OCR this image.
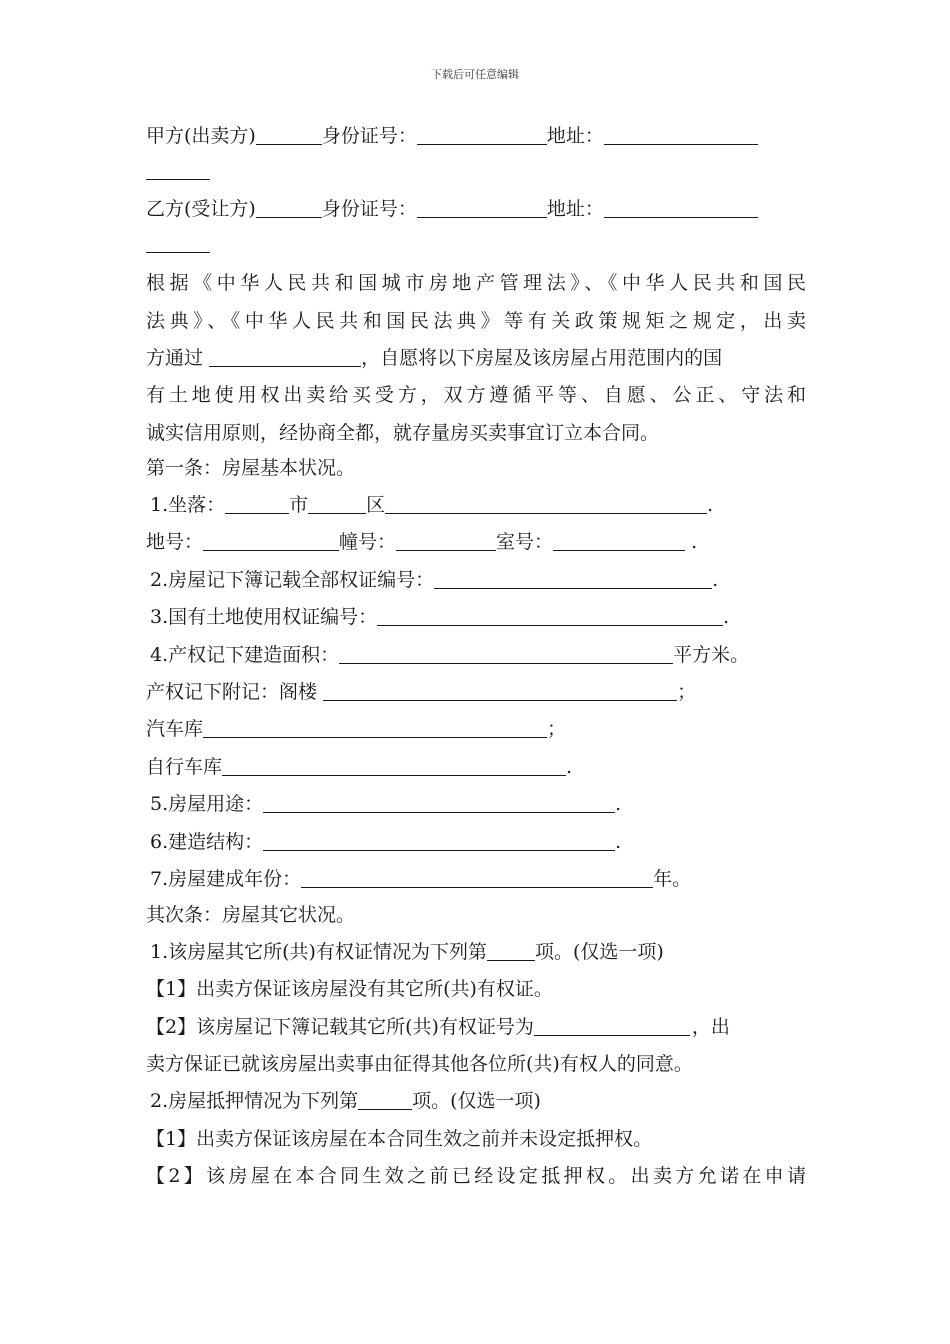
下载后可任意编辑
甲方(出卖方)	身份证号：	地址：
乙方(受让方)	身份证号：	地址：
根据《中华人民共和国城市房地产管理法》、《中华人民共和国民
法典》、《中华人民共和国民法典》等有关政策规矩之规定，出卖
方通过	，自愿将以下房屋及该房屋占用范围内的国
有土地使用权出卖给买受方，双方遵循平等、自愿、公正、守法和
诚实信用原则，经协商全都，就存量房买卖事宜订立本合同。
第一条：房屋基本状况。
1.坐落：	市	区	.
地号：	幢号：	室号：	.
2.房屋记下簿记载全部权证编号：	.
3.国有土地使用权证编号：	.
4.产权记下建造面积：	平方米。
产权记下附记：阁楼	；
汽车库	；
自行车库	.
5.房屋用途：	.
6.建造结构：	.
7.房屋建成年份：	年。
其次条：房屋其它状况。
1.该房屋其它所(共)有权证情况为下列第	项。(仅选一项)
【1】出卖方保证该房屋没有其它所(共)有权证。
【2】该房屋记下簿记载其它所(共)有权证号为	，出
卖方保证已就该房屋出卖事由征得其他各位所(共)有权人的同意。
2.房屋抵押情况为下列第	项。(仅选一项)
【1】出卖方保证该房屋在本合同生效之前并未设定抵押权。
【2】该房屋在本合同生效之前已经设定抵押权。出卖方允诺在申请
